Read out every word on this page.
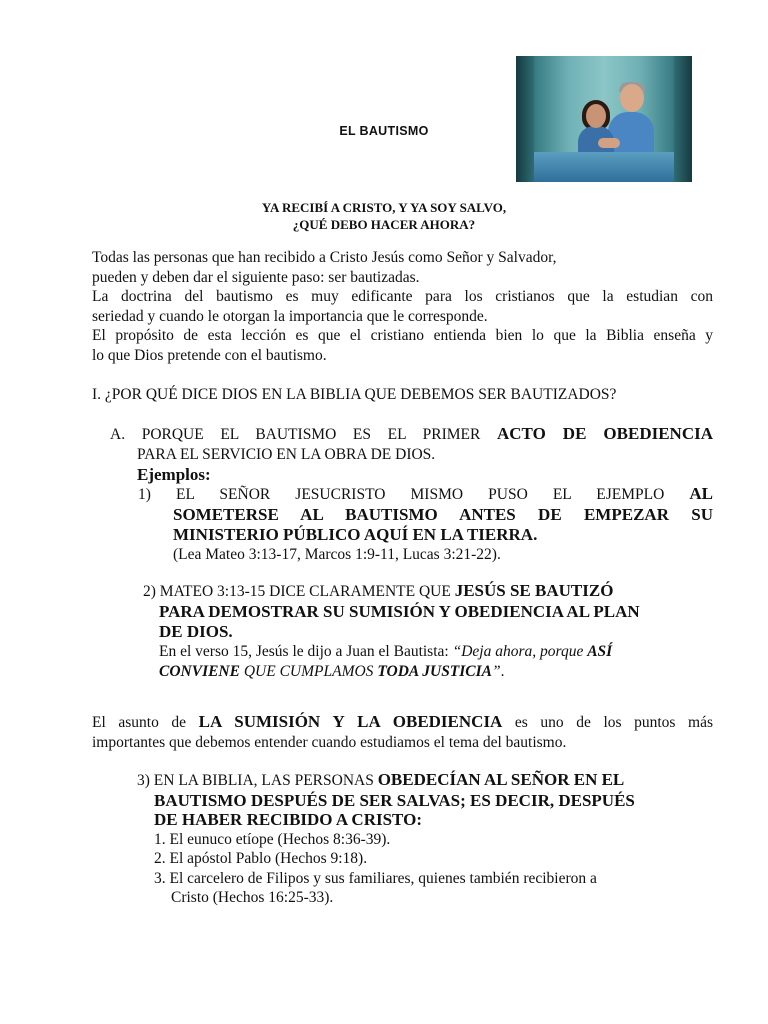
EL BAUTISMO
YA RECIBÍ A CRISTO, Y YA SOY SALVO,
¿QUÉ DEBO HACER AHORA?
Todas las personas que han recibido a Cristo Jesús como Señor y Salvador,
pueden y deben dar el siguiente paso: ser bautizadas.
La doctrina del bautismo es muy edificante para los cristianos que la estudian con
seriedad y cuando le otorgan la importancia que le corresponde.
El propósito de esta lección es que el cristiano entienda bien lo que la Biblia enseña y
lo que Dios pretende con el bautismo.
I. ¿POR QUÉ DICE DIOS EN LA BIBLIA QUE DEBEMOS SER BAUTIZADOS?
A. PORQUE EL BAUTISMO ES EL PRIMER ACTO DE OBEDIENCIA
PARA EL SERVICIO EN LA OBRA DE DIOS.
Ejemplos:
1) EL SEÑOR JESUCRISTO MISMO PUSO EL EJEMPLO AL
SOMETERSE AL BAUTISMO ANTES DE EMPEZAR SU
MINISTERIO PÚBLICO AQUÍ EN LA TIERRA.
(Lea Mateo 3:13-17, Marcos 1:9-11, Lucas 3:21-22).
2) MATEO 3:13-15 DICE CLARAMENTE QUE JESÚS SE BAUTIZÓ
PARA DEMOSTRAR SU SUMISIÓN Y OBEDIENCIA AL PLAN
DE DIOS.
En el verso 15, Jesús le dijo a Juan el Bautista: “Deja ahora, porque ASÍ
CONVIENE QUE CUMPLAMOS TODA JUSTICIA”.
El asunto de LA SUMISIÓN Y LA OBEDIENCIA es uno de los puntos más
importantes que debemos entender cuando estudiamos el tema del bautismo.
3) EN LA BIBLIA, LAS PERSONAS OBEDECÍAN AL SEÑOR EN EL
BAUTISMO DESPUÉS DE SER SALVAS; ES DECIR, DESPUÉS
DE HABER RECIBIDO A CRISTO:
1. El eunuco etíope (Hechos 8:36-39).
2. El apóstol Pablo (Hechos 9:18).
3. El carcelero de Filipos y sus familiares, quienes también recibieron a
Cristo (Hechos 16:25-33).
